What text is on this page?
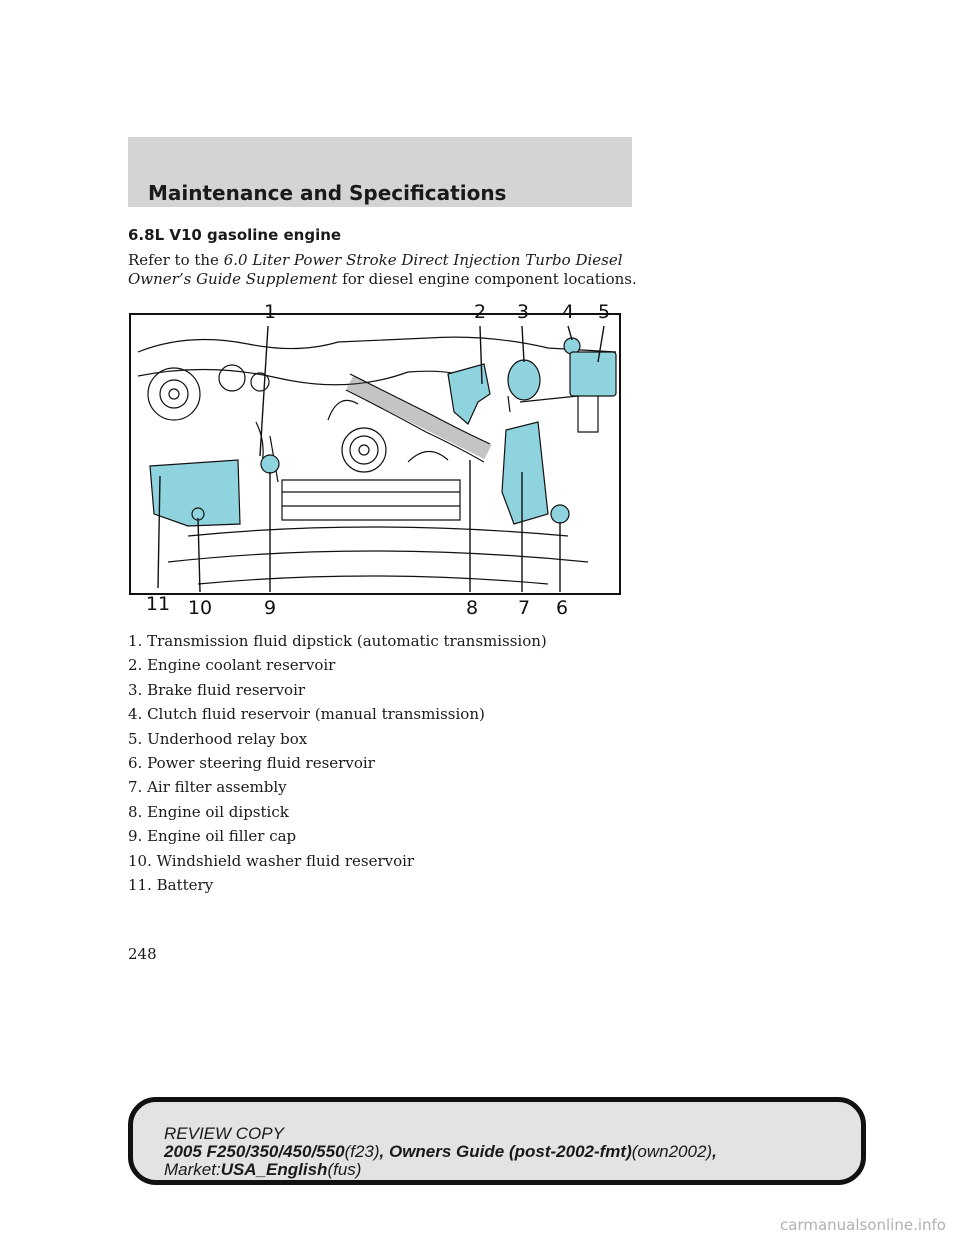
Maintenance and Specifications
6.8L V10 gasoline engine
Refer to the 6.0 Liter Power Stroke Direct Injection Turbo Diesel Owner’s Guide Supplement for diesel engine component locations.
1	2 3 4 5
6
7
8
9
10
11
1. Transmission fluid dipstick (automatic transmission)
2. Engine coolant reservoir
3. Brake fluid reservoir
4. Clutch fluid reservoir (manual transmission)
5. Underhood relay box
6. Power steering fluid reservoir
7. Air filter assembly
8. Engine oil dipstick
9. Engine oil filler cap
10. Windshield washer fluid reservoir
11. Battery
248
REVIEW COPY
2005 F250/350/450/550(f23), Owners Guide (post-2002-fmt)(own2002),
Market:USA_English(fus)
carmanualsonline.info
